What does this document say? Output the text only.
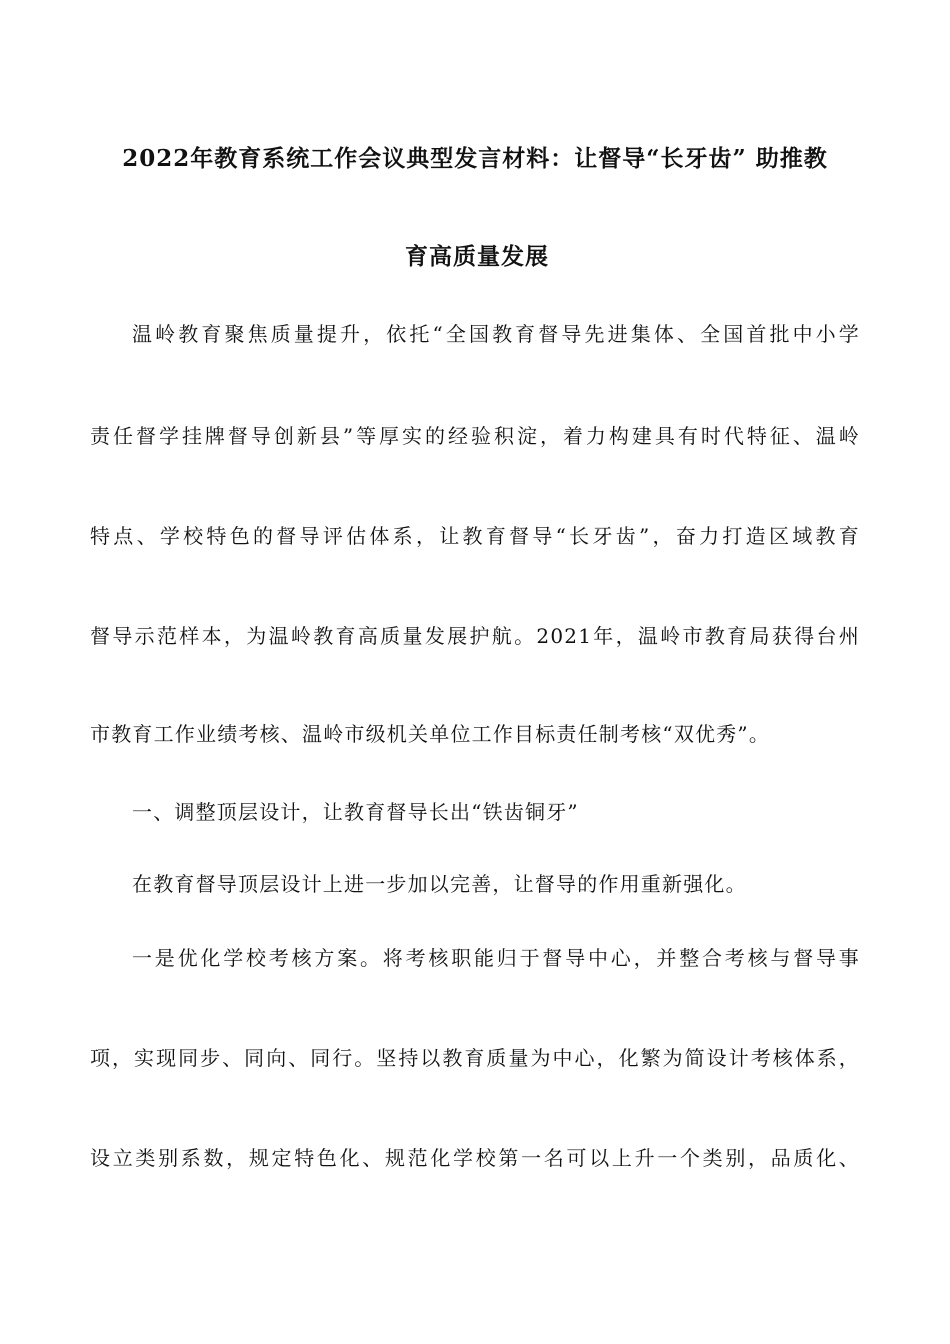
2022年教育系统工作会议典型发言材料：让督导“长牙齿” 助推教
育高质量发展
温岭教育聚焦质量提升，依托“全国教育督导先进集体、全国首批中小学
责任督学挂牌督导创新县”等厚实的经验积淀，着力构建具有时代特征、温岭
特点、学校特色的督导评估体系，让教育督导“长牙齿”，奋力打造区域教育
督导示范样本，为温岭教育高质量发展护航。2021年，温岭市教育局获得台州
市教育工作业绩考核、温岭市级机关单位工作目标责任制考核“双优秀”。
一、调整顶层设计，让教育督导长出“铁齿铜牙”
在教育督导顶层设计上进一步加以完善，让督导的作用重新强化。
一是优化学校考核方案。将考核职能归于督导中心，并整合考核与督导事
项，实现同步、同向、同行。坚持以教育质量为中心，化繁为简设计考核体系，
设立类别系数，规定特色化、规范化学校第一名可以上升一个类别，品质化、
